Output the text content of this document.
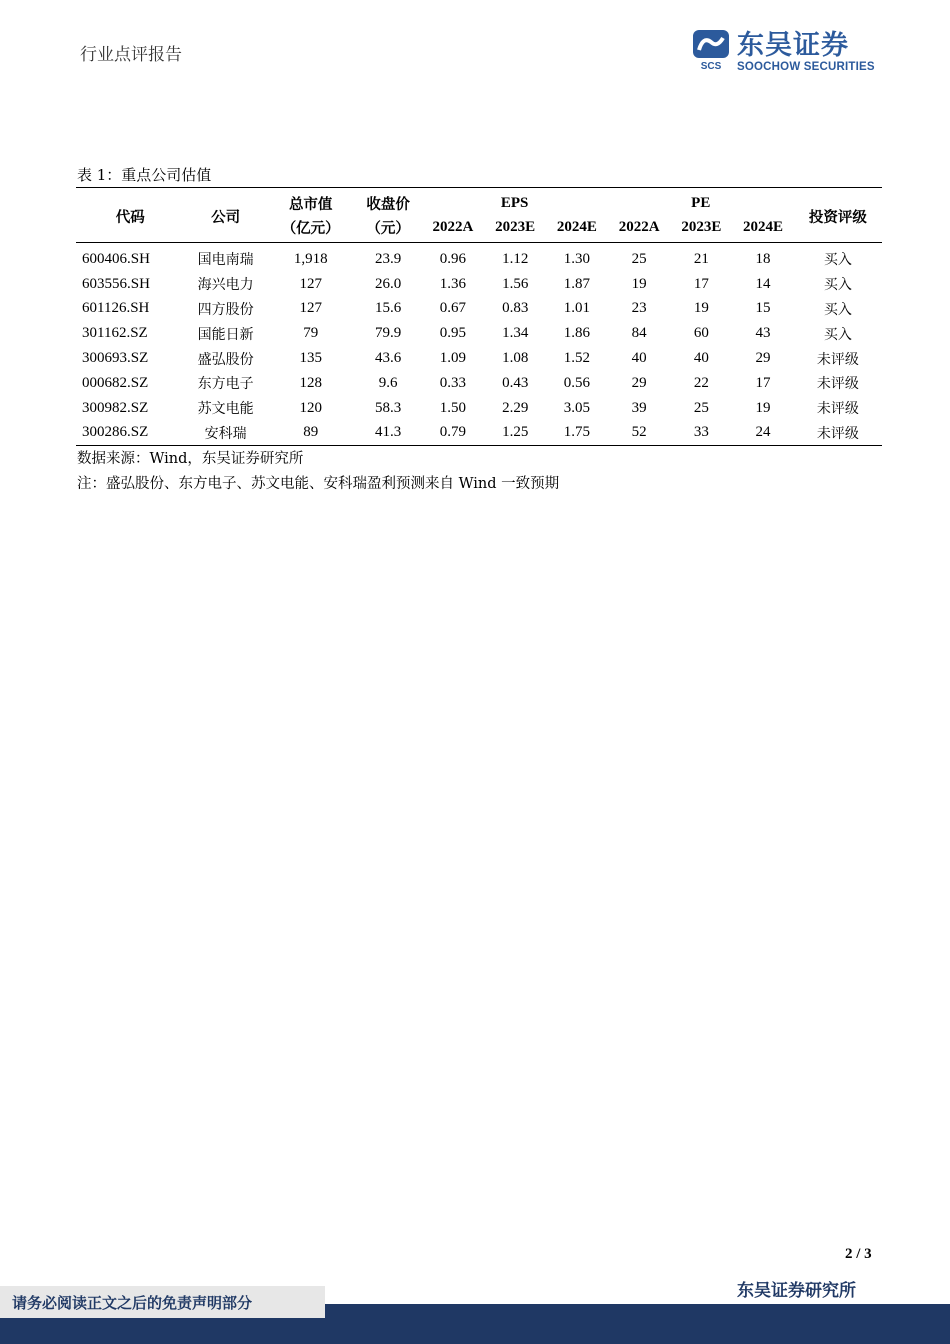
行业点评报告
SCS
东吴证券
SOOCHOW SECURITIES
表 1：重点公司估值
代码	公司	总市值	收盘价	EPS			PE			投资评级
		（亿元）	（元）	2022A	2023E	2024E	2022A	2023E	2024E	
600406.SH	国电南瑞	1,918	23.9	0.96	1.12	1.30	25	21	18	买入
603556.SH	海兴电力	127	26.0	1.36	1.56	1.87	19	17	14	买入
601126.SH	四方股份	127	15.6	0.67	0.83	1.01	23	19	15	买入
301162.SZ	国能日新	79	79.9	0.95	1.34	1.86	84	60	43	买入
300693.SZ	盛弘股份	135	43.6	1.09	1.08	1.52	40	40	29	未评级
000682.SZ	东方电子	128	9.6	0.33	0.43	0.56	29	22	17	未评级
300982.SZ	苏文电能	120	58.3	1.50	2.29	3.05	39	25	19	未评级
300286.SZ	安科瑞	89	41.3	0.79	1.25	1.75	52	33	24	未评级
数据来源：Wind，东吴证券研究所
注：盛弘股份、东方电子、苏文电能、安科瑞盈利预测来自 Wind 一致预期
2 / 3
东吴证券研究所
请务必阅读正文之后的免责声明部分
